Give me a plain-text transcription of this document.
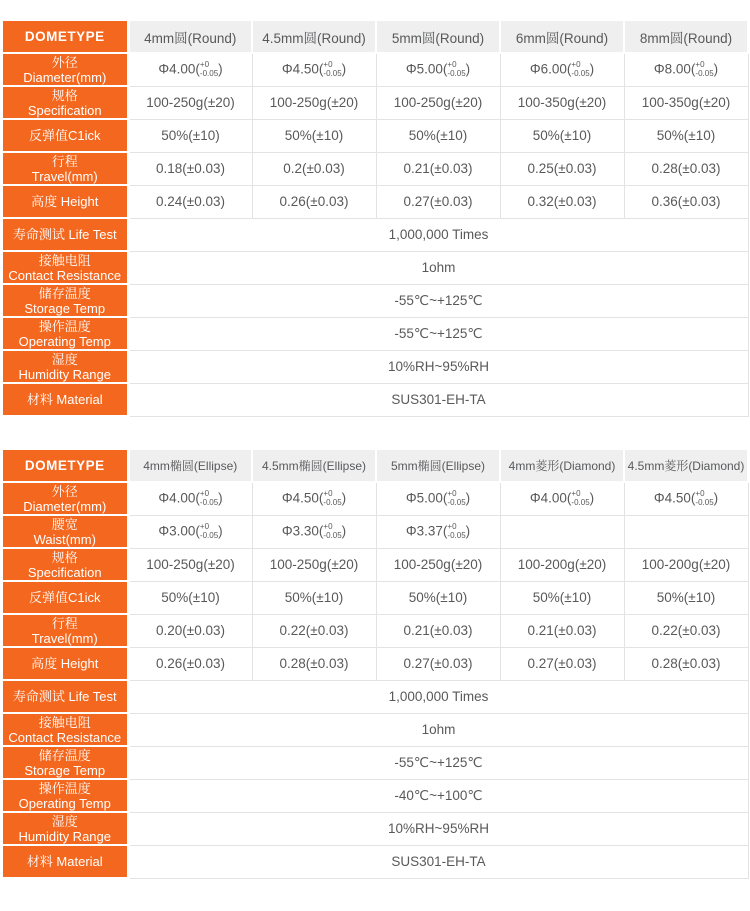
DOMETYPE	4mm圆(Round)	4.5mm圆(Round)	5mm圆(Round)	6mm圆(Round)	8mm圆(Round)

外径
Diameter(mm)
	Φ4.00( +0
-0.05 )	Φ4.50( +0
-0.05 )	Φ5.00( +0
-0.05 )	Φ6.00( +0
-0.05 )	Φ8.00( +0
-0.05 )

规格
Specification	100-250g(±20)	100-250g(±20)	100-250g(±20)	100-350g(±20)	100-350g(±20)

反弹值C1ick	50%(±10)	50%(±10)	50%(±10)	50%(±10)	50%(±10)

行程
Travel(mm)	0.18(±0.03)	0.2(±0.03)	0.21(±0.03)	0.25(±0.03)	0.28(±0.03)

高度 Height	0.24(±0.03)	0.26(±0.03)	0.27(±0.03)	0.32(±0.03)	0.36(±0.03)

寿命测试 Life Test	1,000,000 Times				

接触电阻
Contact Resistance	1ohm				

储存温度
Storage Temp	-55℃~+125℃				

操作温度
Operating Temp	-55℃~+125℃				

湿度
Humidity Range	10%RH~95%RH				

材料 Material	SUS301-EH-TA				
DOMETYPE	4mm椭圆(Ellipse)	4.5mm椭圆(Ellipse)	5mm椭圆(Ellipse)	4mm菱形(Diamond)	4.5mm菱形(Diamond)

外径
Diameter(mm)
	Φ4.00( +0
-0.05 )	Φ4.50( +0
-0.05 )	Φ5.00( +0
-0.05 )	Φ4.00( +0
-0.05 )	Φ4.50( +0
-0.05 )

腰宽
Waist(mm)
	Φ3.00( +0
-0.05 )	Φ3.30( +0
-0.05 )	Φ3.37( +0
-0.05 )		

规格
Specification	100-250g(±20)	100-250g(±20)	100-250g(±20)	100-200g(±20)	100-200g(±20)

反弹值C1ick	50%(±10)	50%(±10)	50%(±10)	50%(±10)	50%(±10)

行程
Travel(mm)	0.20(±0.03)	0.22(±0.03)	0.21(±0.03)	0.21(±0.03)	0.22(±0.03)

高度 Height	0.26(±0.03)	0.28(±0.03)	0.27(±0.03)	0.27(±0.03)	0.28(±0.03)

寿命测试 Life Test	1,000,000 Times				

接触电阻
Contact Resistance	1ohm				

储存温度
Storage Temp	-55℃~+125℃				

操作温度
Operating Temp	-40℃~+100℃				

湿度
Humidity Range	10%RH~95%RH				

材料 Material	SUS301-EH-TA				
